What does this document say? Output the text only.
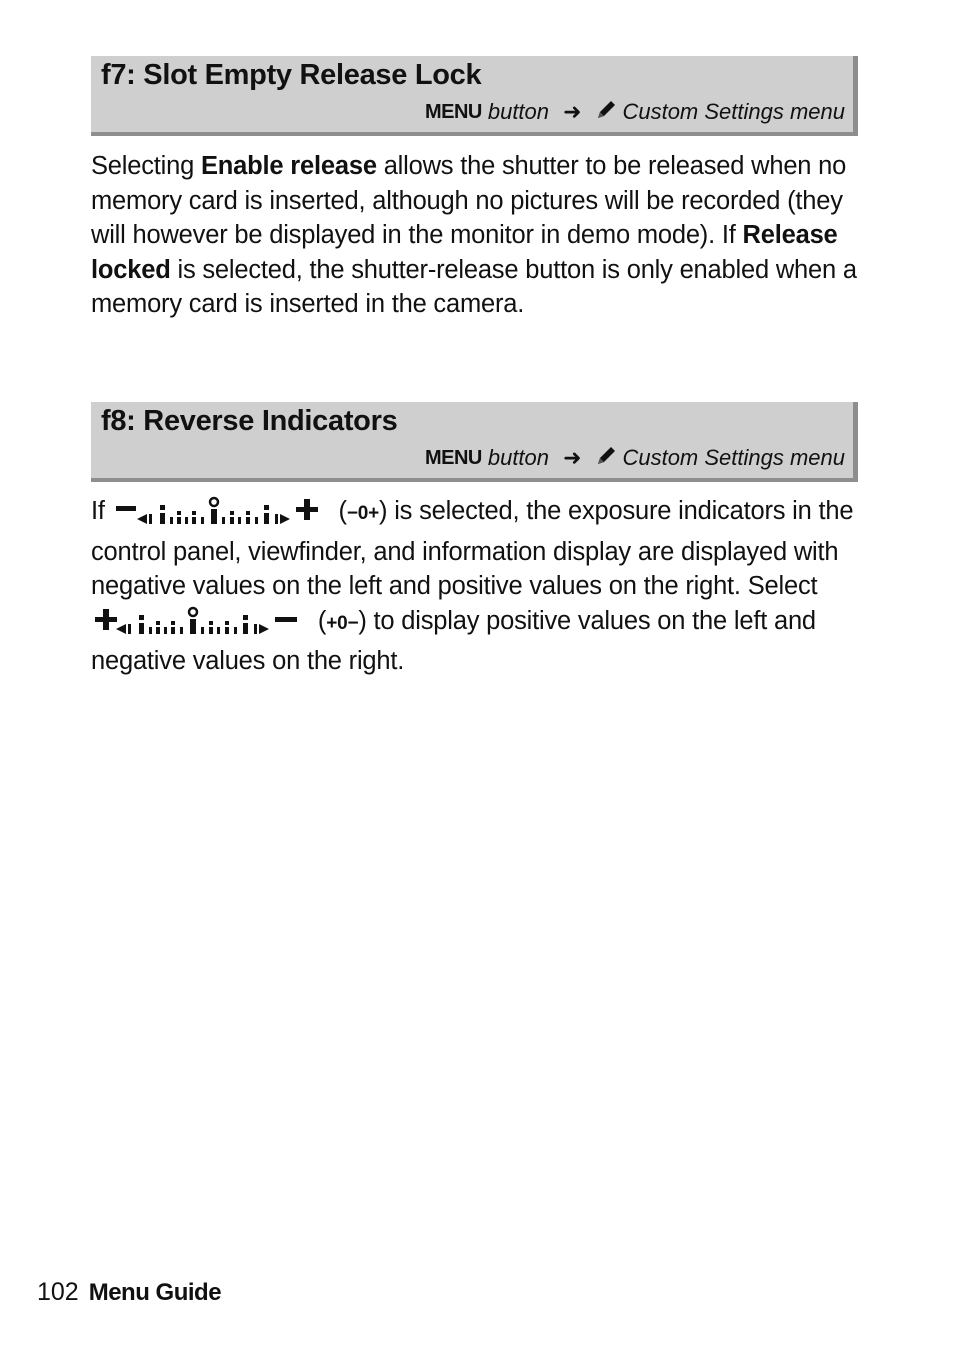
f7: Slot Empty Release Lock
MENU button ➜ Custom Settings menu
Selecting Enable release allows the shutter to be released when no memory card is inserted, although no pictures will be recorded (they will however be displayed in the monitor in demo mode). If Release locked is selected, the shutter-release button is only enabled when a memory card is inserted in the camera.
f8: Reverse Indicators
MENU button ➜ Custom Settings menu
If	(−0+) is selected, the exposure indicators in the control panel, viewfinder, and information display are displayed with negative values on the left and positive values on the right. Select  (+0−) to display positive values on the left and negative values on the right.
102 Menu Guide
